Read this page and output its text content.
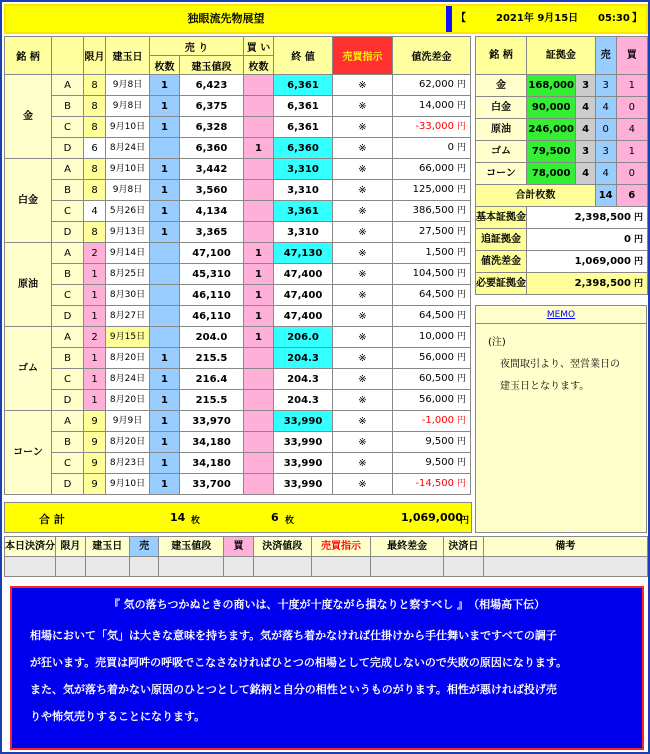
独眼流先物展望	【	2021年 9月15日 05:30 】
銘 柄		限月	建玉日	売 り		買 い	終 値	売買指示	値洗差金
				枚数	建玉値段	枚数			
金	A	8	9月8日	1	6,423		6,361	※	62,000 円
	B	8	9月8日	1	6,375		6,361	※	14,000 円
	C	8	9月10日	1	6,328		6,361	※	-33,000 円
	D	6	8月24日		6,360	1	6,360	※	0 円
白金	A	8	9月10日	1	3,442		3,310	※	66,000 円
	B	8	9月8日	1	3,560		3,310	※	125,000 円
	C	4	5月26日	1	4,134		3,361	※	386,500 円
	D	8	9月13日	1	3,365		3,310	※	27,500 円
原油	A	2	9月14日		47,100	1	47,130	※	1,500 円
	B	1	8月25日		45,310	1	47,400	※	104,500 円
	C	1	8月30日		46,110	1	47,400	※	64,500 円
	D	1	8月27日		46,110	1	47,400	※	64,500 円
ゴム	A	2	9月15日		204.0	1	206.0	※	10,000 円
	B	1	8月20日	1	215.5		204.3	※	56,000 円
	C	1	8月24日	1	216.4		204.3	※	60,500 円
	D	1	8月20日	1	215.5		204.3	※	56,000 円
コーン	A	9	9月9日	1	33,970		33,990	※	-1,000 円
	B	9	8月20日	1	34,180		33,990	※	9,500 円
	C	9	8月23日	1	34,180		33,990	※	9,500 円
	D	9	9月10日	1	33,700		33,990	※	-14,500 円
合 計	14 枚	6 枚	1,069,000
円
銘 柄	証拠金		売	買
金	168,000	3	3	1
白金	90,000	4	4	0
原油	246,000	4	0	4
ゴム	79,500	3	3	1
コーン	78,000	4	4	0
合計枚数			14	6
基本証拠金	2,398,500 円			
追証拠金	0 円			
値洗差金	1,069,000 円			
必要証拠金	2,398,500 円			
MEMO

(注)

夜間取引より、翌営業日の

建玉日となります。

本日決済分	限月	建玉日	売	建玉値段	買	決済値段	売買指示	最終差金	決済日	備考

『 気の落ちつかぬときの商いは、十度が十度ながら損なりと察すべし 』　（相場高下伝）

相場において「気」は大きな意味を持ちます。気が落ち着かなければ仕掛けから手仕舞いまですべての調子

が狂います。売買は阿吽の呼吸でこなさなければひとつの相場として完成しないので失敗の原因になります。

また、気が落ち着かない原因のひとつとして銘柄と自分の相性というものがります。相性が悪ければ投げ売

りや怖気売りすることになります。
